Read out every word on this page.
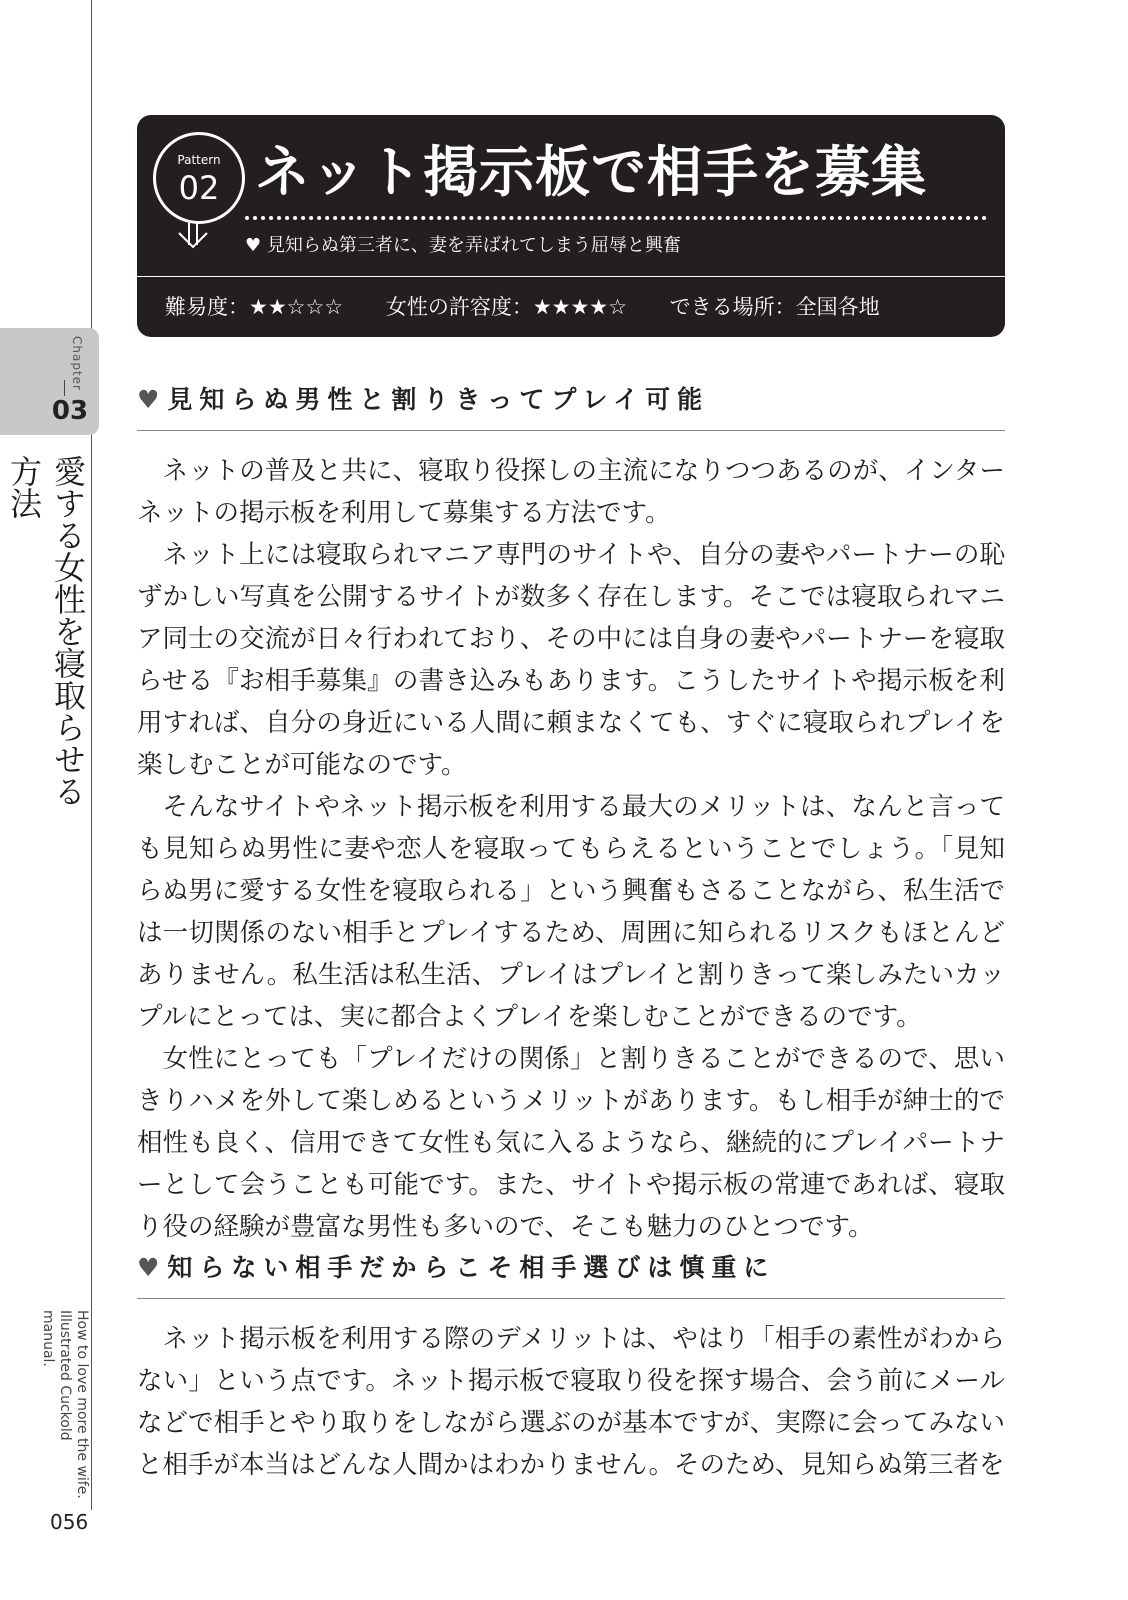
Chapter
03
愛する女性を寝取らせる方法
How to love more the wife. Illustrated Cuckold manual.
056
Pattern
02 ネット掲示板で相手を募集
♥ 見知らぬ第三者に、妻を弄ばれてしまう屈辱と興奮
難易度：★★☆☆☆ 女性の許容度：★★★★☆ できる場所：全国各地
♥ 見知らぬ男性と割りきってプレイ可能

ネットの普及と共に、寝取り役探しの主流になりつつあるのが、インターネットの掲示板を利用して募集する方法です。

ネット上には寝取られマニア専門のサイトや、自分の妻やパートナーの恥ずかしい写真を公開するサイトが数多く存在します。そこでは寝取られマニア同士の交流が日々行われており、その中には自身の妻やパートナーを寝取らせる『お相手募集』の書き込みもあります。こうしたサイトや掲示板を利用すれば、自分の身近にいる人間に頼まなくても、すぐに寝取られプレイを楽しむことが可能なのです。

そんなサイトやネット掲示板を利用する最大のメリットは、なんと言っても見知らぬ男性に妻や恋人を寝取ってもらえるということでしょう。「見知らぬ男に愛する女性を寝取られる」という興奮もさることながら、私生活では一切関係のない相手とプレイするため、周囲に知られるリスクもほとんどありません。私生活は私生活、プレイはプレイと割りきって楽しみたいカップルにとっては、実に都合よくプレイを楽しむことができるのです。

女性にとっても「プレイだけの関係」と割りきることができるので、思いきりハメを外して楽しめるというメリットがあります。もし相手が紳士的で相性も良く、信用できて女性も気に入るようなら、継続的にプレイパートナーとして会うことも可能です。また、サイトや掲示板の常連であれば、寝取り役の経験が豊富な男性も多いので、そこも魅力のひとつです。

♥ 知らない相手だからこそ相手選びは慎重に

ネット掲示板を利用する際のデメリットは、やはり「相手の素性がわからない」という点です。ネット掲示板で寝取り役を探す場合、会う前にメールなどで相手とやり取りをしながら選ぶのが基本ですが、実際に会ってみないと相手が本当はどんな人間かはわかりません。そのため、見知らぬ第三者を
